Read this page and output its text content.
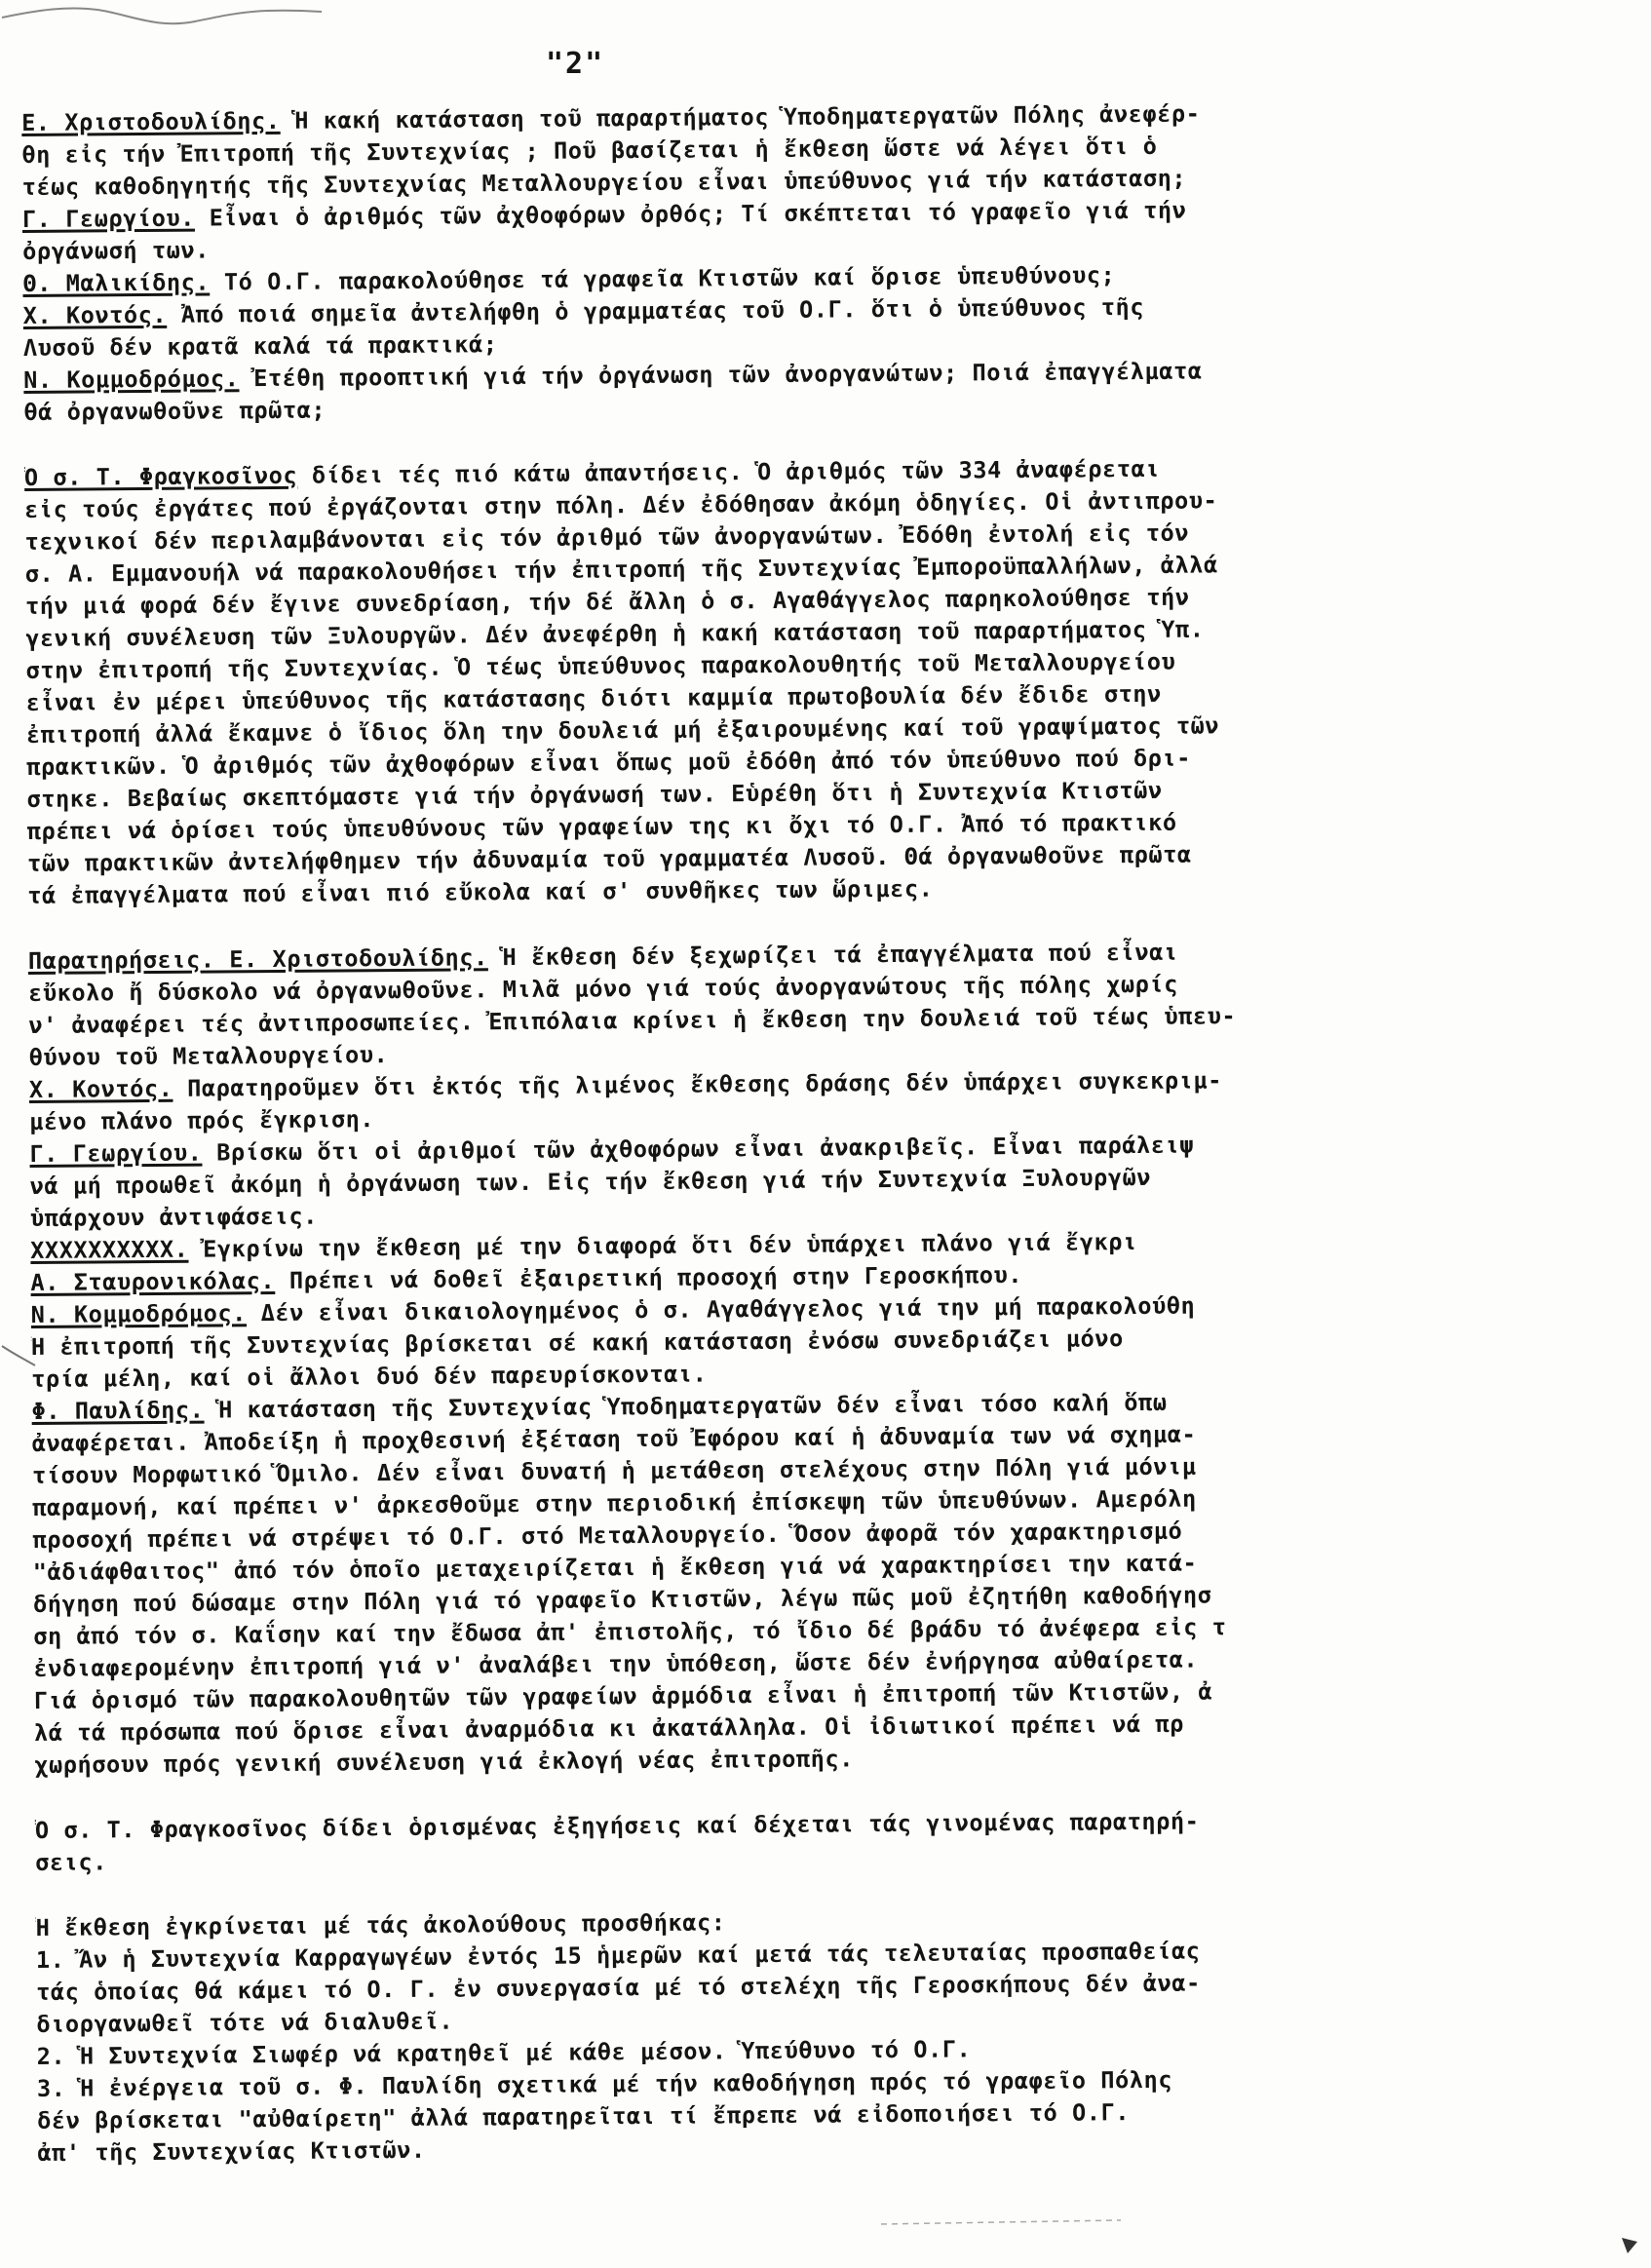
"2"
Ε. Χριστοδουλίδης. Ἡ κακή κατάσταση τοῦ παραρτήματος Ὑποδηματεργατῶν Πόλης ἀνεφέρ-
θη εἰς τήν Ἐπιτροπή τῆς Συντεχνίας ; Ποῦ βασίζεται ἡ ἔκθεση ὥστε νά λέγει ὅτι ὁ
τέως καθοδηγητής τῆς Συντεχνίας Μεταλλουργείου εἶναι ὑπεύθυνος γιά τήν κατάσταση;
Γ. Γεωργίου. Εἶναι ὁ ἀριθμός τῶν ἀχθοφόρων ὀρθός; Τί σκέπτεται τό γραφεῖο γιά τήν
ὀργάνωσή των.
Θ. Μαλικίδης. Τό Ο.Γ. παρακολούθησε τά γραφεῖα Κτιστῶν καί ὅρισε ὑπευθύνους;
Χ. Κοντός. Ἀπό ποιά σημεῖα ἀντελήφθη ὁ γραμματέας τοῦ Ο.Γ. ὅτι ὁ ὑπεύθυνος τῆς
Λυσοῦ δέν κρατᾶ καλά τά πρακτικά;
Ν. Κομμοδρόμος. Ἐτέθη προοπτική γιά τήν ὀργάνωση τῶν ἀνοργανώτων; Ποιά ἐπαγγέλματα
θά ὀργανωθοῦνε πρῶτα;
Ὁ σ. Τ. Φραγκοσῖνος δίδει τές πιό κάτω ἀπαντήσεις. Ὁ ἀριθμός τῶν 334 ἀναφέρεται
εἰς τούς ἐργάτες πού ἐργάζονται στην πόλη. Δέν ἐδόθησαν ἀκόμη ὁδηγίες. Οἱ ἀντιπρου-
τεχνικοί δέν περιλαμβάνονται εἰς τόν ἀριθμό τῶν ἀνοργανώτων. Ἐδόθη ἐντολή εἰς τόν
σ. Α. Εμμανουήλ νά παρακολουθήσει τήν ἐπιτροπή τῆς Συντεχνίας Ἐμποροϋπαλλήλων, ἀλλά
τήν μιά φορά δέν ἔγινε συνεδρίαση, τήν δέ ἄλλη ὁ σ. Αγαθάγγελος παρηκολούθησε τήν
γενική συνέλευση τῶν Ξυλουργῶν. Δέν ἀνεφέρθη ἡ κακή κατάσταση τοῦ παραρτήματος Ὑπ.
στην ἐπιτροπή τῆς Συντεχνίας. Ὁ τέως ὑπεύθυνος παρακολουθητής τοῦ Μεταλλουργείου
εἶναι ἐν μέρει ὑπεύθυνος τῆς κατάστασης διότι καμμία πρωτοβουλία δέν ἔδιδε στην
ἐπιτροπή ἀλλά ἔκαμνε ὁ ἴδιος ὅλη την δουλειά μή ἐξαιρουμένης καί τοῦ γραψίματος τῶν
πρακτικῶν. Ὁ ἀριθμός τῶν ἀχθοφόρων εἶναι ὅπως μοῦ ἐδόθη ἀπό τόν ὑπεύθυνο πού δρι-
στηκε. Βεβαίως σκεπτόμαστε γιά τήν ὀργάνωσή των. Εὑρέθη ὅτι ἡ Συντεχνία Κτιστῶν
πρέπει νά ὁρίσει τούς ὑπευθύνους τῶν γραφείων της κι ὄχι τό Ο.Γ. Ἀπό τό πρακτικό
τῶν πρακτικῶν ἀντελήφθημεν τήν ἀδυναμία τοῦ γραμματέα Λυσοῦ. Θά ὀργανωθοῦνε πρῶτα
τά ἐπαγγέλματα πού εἶναι πιό εὔκολα καί σ' συνθῆκες των ὥριμες.
Παρατηρήσεις. Ε. Χριστοδουλίδης. Ἡ ἔκθεση δέν ξεχωρίζει τά ἐπαγγέλματα πού εἶναι
εὔκολο ἤ δύσκολο νά ὀργανωθοῦνε. Μιλᾶ μόνο γιά τούς ἀνοργανώτους τῆς πόλης χωρίς
ν' ἀναφέρει τές ἀντιπροσωπείες. Ἐπιπόλαια κρίνει ἡ ἔκθεση την δουλειά τοῦ τέως ὑπευ-
θύνου τοῦ Μεταλλουργείου.
Χ. Κοντός. Παρατηροῦμεν ὅτι ἐκτός τῆς λιμένος ἔκθεσης δράσης δέν ὑπάρχει συγκεκριμ-
μένο πλάνο πρός ἔγκριση.
Γ. Γεωργίου. Βρίσκω ὅτι οἱ ἀριθμοί τῶν ἀχθοφόρων εἶναι ἀνακριβεῖς. Εἶναι παράλειψ
νά μή προωθεῖ ἀκόμη ἡ ὀργάνωση των. Εἰς τήν ἔκθεση γιά τήν Συντεχνία Ξυλουργῶν
ὑπάρχουν ἀντιφάσεις.
XXXXXXXXXX. Ἐγκρίνω την ἔκθεση μέ την διαφορά ὅτι δέν ὑπάρχει πλάνο γιά ἔγκρι
Α. Σταυρονικόλας. Πρέπει νά δοθεῖ ἐξαιρετική προσοχή στην Γεροσκήπου.
Ν. Κομμοδρόμος. Δέν εἶναι δικαιολογημένος ὁ σ. Αγαθάγγελος γιά την μή παρακολούθη
Ἡ ἐπιτροπή τῆς Συντεχνίας βρίσκεται σέ κακή κατάσταση ἐνόσω συνεδριάζει μόνο
τρία μέλη, καί οἱ ἄλλοι δυό δέν παρευρίσκονται.
Φ. Παυλίδης. Ἡ κατάσταση τῆς Συντεχνίας Ὑποδηματεργατῶν δέν εἶναι τόσο καλή ὅπω
ἀναφέρεται. Ἀποδείξη ἡ προχθεσινή ἐξέταση τοῦ Ἐφόρου καί ἡ ἀδυναμία των νά σχημα-
τίσουν Μορφωτικό Ὅμιλο. Δέν εἶναι δυνατή ἡ μετάθεση στελέχους στην Πόλη γιά μόνιμ
παραμονή, καί πρέπει ν' ἀρκεσθοῦμε στην περιοδική ἐπίσκεψη τῶν ὑπευθύνων. Αμερόλη
προσοχή πρέπει νά στρέψει τό Ο.Γ. στό Μεταλλουργείο. Ὅσον ἀφορᾶ τόν χαρακτηρισμό
"ἀδιάφθαιτος" ἀπό τόν ὁποῖο μεταχειρίζεται ἡ ἔκθεση γιά νά χαρακτηρίσει την κατά-
δήγηση πού δώσαμε στην Πόλη γιά τό γραφεῖο Κτιστῶν, λέγω πῶς μοῦ ἐζητήθη καθοδήγησ
ση ἀπό τόν σ. Καΐσην καί την ἔδωσα ἀπ' ἐπιστολῆς, τό ἴδιο δέ βράδυ τό ἀνέφερα εἰς τ
ἐνδιαφερομένην ἐπιτροπή γιά ν' ἀναλάβει την ὑπόθεση, ὥστε δέν ἐνήργησα αὐθαίρετα.
Γιά ὁρισμό τῶν παρακολουθητῶν τῶν γραφείων ἁρμόδια εἶναι ἡ ἐπιτροπή τῶν Κτιστῶν, ἀ
λά τά πρόσωπα πού ὅρισε εἶναι ἀναρμόδια κι ἀκατάλληλα. Οἱ ἰδιωτικοί πρέπει νά πρ
χωρήσουν πρός γενική συνέλευση γιά ἐκλογή νέας ἐπιτροπῆς.
Ὁ σ. Τ. Φραγκοσῖνος δίδει ὁρισμένας ἐξηγήσεις καί δέχεται τάς γινομένας παρατηρή-
σεις.
Ἡ ἔκθεση ἐγκρίνεται μέ τάς ἀκολούθους προσθήκας:
1. Ἄν ἡ Συντεχνία Καρραγωγέων ἐντός 15 ἡμερῶν καί μετά τάς τελευταίας προσπαθείας
τάς ὁποίας θά κάμει τό Ο. Γ. ἐν συνεργασία μέ τό στελέχη τῆς Γεροσκήπους δέν ἀνα-
διοργανωθεῖ τότε νά διαλυθεῖ.
2. Ἡ Συντεχνία Σιωφέρ νά κρατηθεῖ μέ κάθε μέσον. Ὑπεύθυνο τό Ο.Γ.
3. Ἡ ἐνέργεια τοῦ σ. Φ. Παυλίδη σχετικά μέ τήν καθοδήγηση πρός τό γραφεῖο Πόλης
δέν βρίσκεται "αὐθαίρετη" ἀλλά παρατηρεῖται τί ἔπρεπε νά εἰδοποιήσει τό Ο.Γ.
ἀπ' τῆς Συντεχνίας Κτιστῶν.
